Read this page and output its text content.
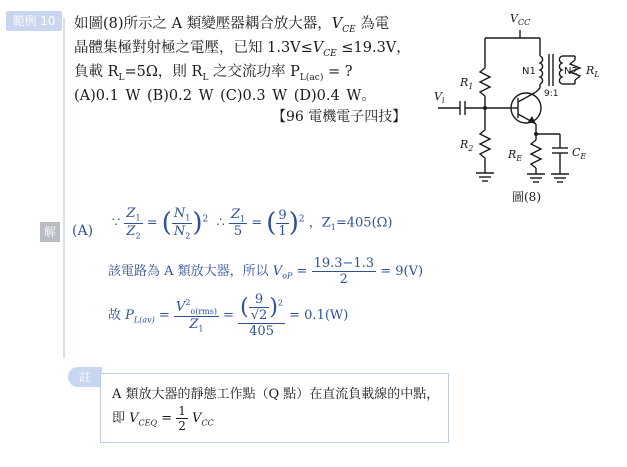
範例 10	如圖(8)所示之 A 類變壓器耦合放大器，$V_{CE}$ 為電
晶體集極對射極之電壓，已知 $1.3V\le V_{CE} \le 19.3V$，
負載 $R_L=5\Omega$，則 $R_L$ 之交流功率 $P_{L(ac)}$ = ?
(A)0.1 W (B)0.2 W (C)0.3 W (D)0.4 W。
【96 電機電子四技】
$V_{CC}$
$R_1$
$R_2$	$R_E$	$C_E$
$R_L$
$V_i$
N1	N2
9:1
圖(8)
解 (A) ∵ $\frac{Z_1}{Z_2}$ = ( $\frac{N_1}{N_2} )^2$ ∴ $\frac{Z_1}{5}$ = ( $\frac{9}{1} )^2$ ，$Z_1=405(\Omega)$
該電路為 A 類放大器，所以 $V_{oP} = \frac{19.3-1.3}{2} = 9(V)$
故 $P_{L(av)} = \frac{V^2_{o(rms)}}{Z_1} = \frac{( \frac{9}{√2} )^2}{405} = 0.1(W)$
註
A 類放大器的靜態工作點（Q 點）在直流負載線的中點，
即 $V_{CEQ} = \frac{1}{2} V_{CC}$
